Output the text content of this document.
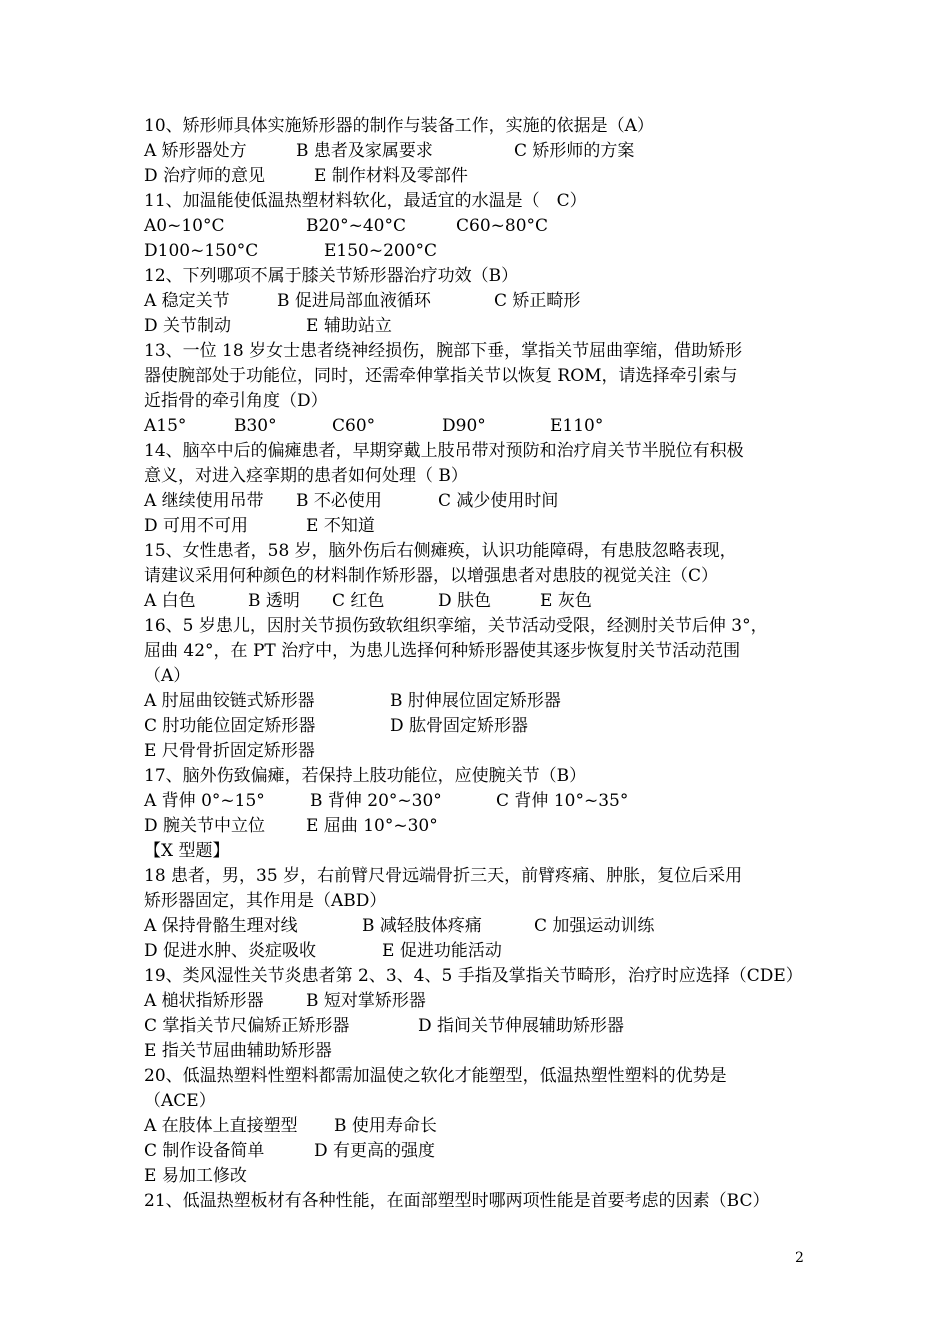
10、矫形师具体实施矫形器的制作与装备工作，实施的依据是（A）
A 矫形器处方	B 患者及家属要求	C 矫形师的方案
D 治疗师的意见	E 制作材料及零部件
11、加温能使低温热塑材料软化，最适宜的水温是（　C）
A0~10°C	B20°~40°C	C60~80°C
D100~150°C	E150~200°C
12、下列哪项不属于膝关节矫形器治疗功效（B）
A 稳定关节	B 促进局部血液循环	C 矫正畸形
D 关节制动	E 辅助站立
13、一位 18 岁女士患者绕神经损伤，腕部下垂，掌指关节屈曲挛缩，借助矫形
器使腕部处于功能位，同时，还需牵伸掌指关节以恢复 ROM，请选择牵引索与
近指骨的牵引角度（D）
A15°	B30°	C60°	D90°	E110°
14、脑卒中后的偏瘫患者，早期穿戴上肢吊带对预防和治疗肩关节半脱位有积极
意义，对进入痉挛期的患者如何处理（ B）
A 继续使用吊带 B 不必使用	C 减少使用时间
D 可用不可用	E 不知道
15、女性患者，58 岁，脑外伤后右侧瘫痪，认识功能障碍，有患肢忽略表现，
请建议采用何种颜色的材料制作矫形器，以增强患者对患肢的视觉关注（C）
A 白色	B 透明 C 红色	D 肤色	E 灰色
16、5 岁患儿，因肘关节损伤致软组织挛缩，关节活动受限，经测肘关节后伸 3°，
屈曲 42°，在 PT 治疗中，为患儿选择何种矫形器使其逐步恢复肘关节活动范围
（A）
A 肘屈曲铰链式矫形器	B 肘伸展位固定矫形器
C 肘功能位固定矫形器	D 肱骨固定矫形器
E 尺骨骨折固定矫形器
17、脑外伤致偏瘫，若保持上肢功能位，应使腕关节（B）
A 背伸 0°~15°	B 背伸 20°~30°	C 背伸 10°~35°
D 腕关节中立位 E 屈曲 10°~30°
【X 型题】
18 患者，男，35 岁，右前臂尺骨远端骨折三天，前臂疼痛、肿胀，复位后采用
矫形器固定，其作用是（ABD）
A 保持骨骼生理对线	B 减轻肢体疼痛	C 加强运动训练
D 促进水肿、炎症吸收	E 促进功能活动
19、类风湿性关节炎患者第 2、3、4、5 手指及掌指关节畸形，治疗时应选择（CDE）
A 槌状指矫形器 B 短对掌矫形器
C 掌指关节尺偏矫正矫形器	D 指间关节伸展辅助矫形器
E 指关节屈曲辅助矫形器
20、低温热塑料性塑料都需加温使之软化才能塑型，低温热塑性塑料的优势是
（ACE）
A 在肢体上直接塑型 B 使用寿命长
C 制作设备简单	D 有更高的强度
E 易加工修改
21、低温热塑板材有各种性能，在面部塑型时哪两项性能是首要考虑的因素（BC）
2
